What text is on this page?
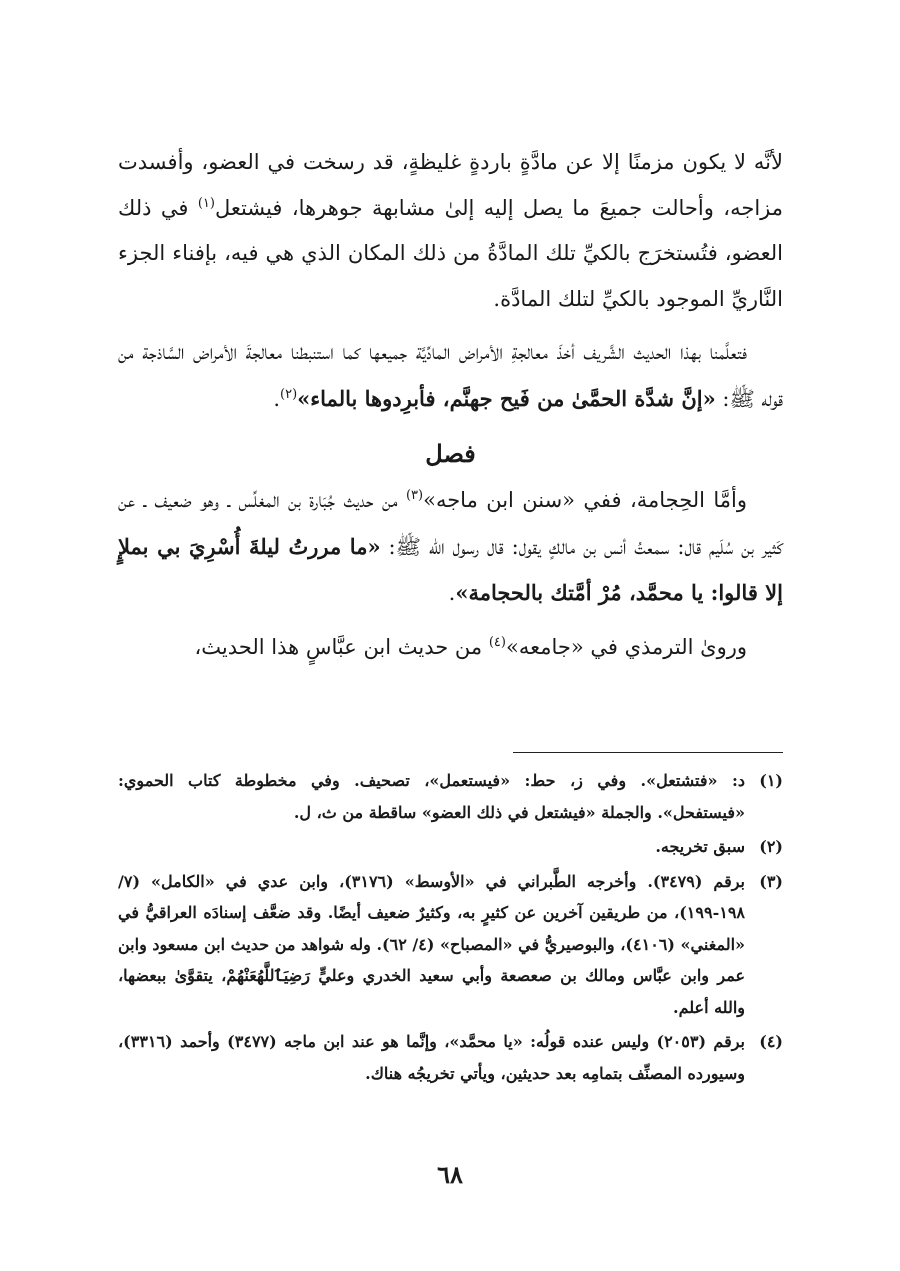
لأنَّه لا يكون مزمنًا إلا عن مادَّةٍ باردةٍ غليظةٍ، قد رسخت في العضو، وأفسدت مزاجه، وأحالت جميعَ ما يصل إليه إلىٰ مشابهة جوهرها، فيشتعل$^{(١)}$ في ذلك العضو، فتُستخرَج بالكيِّ تلك المادَّةُ من ذلك المكان الذي هي فيه، بإفناء الجزء النَّاريِّ الموجود بالكيِّ لتلك المادَّة.

فتعلَّمنا بهذا الحديث الشَّريف أخذَ معالجةِ الأمراض المادِّيَّة جميعها كما استنبطنا معالجةَ الأمراض السَّاذجة من قوله ﷺ: «إنَّ شدَّة الحمَّىٰ من فَيح جهنَّم، فأبرِدوها بالماء»$^{(٢)}$.

فصل

وأمَّا الحِجامة، ففي «سنن ابن ماجه»$^{(٣)}$ من حديث جُبَارة بن المغلِّس ـ وهو ضعيف ـ عن كَثير بن سُلَيم قال: سمعتُ أنس بن مالكٍ يقول: قال رسول الله ﷺ: «ما مررتُ ليلةَ أُسْرِيَ بي بملإٍ إلا قالوا: يا محمَّد، مُرْ أمَّتك بالحجامة».

وروىٰ الترمذي في «جامعه»$^{(٤)}$ من حديث ابن عبَّاسٍ هذا الحديث،

(١)
د: «فتشتعل». وفي ز، حط: «فيستعمل»، تصحيف. وفي مخطوطة كتاب الحموي: «فيستفحل». والجملة «فيشتعل في ذلك العضو» ساقطة من ث، ل.
(٢)
سبق تخريجه.
(٣)
برقم (٣٤٧٩). وأخرجه الطَّبراني في «الأوسط» (٣١٧٦)، وابن عدي في «الكامل» (٧/ ١٩٨-١٩٩)، من طريقين آخرين عن كثيرٍ به، وكثيرٌ ضعيف أيضًا. وقد ضعَّف إسنادَه العراقيُّ في «المغني» (٤١٠٦)، والبوصيريُّ في «المصباح» (٤/ ٦٢). وله شواهد من حديث ابن مسعود وابن عمر وابن عبَّاس ومالك بن صعصعة وأبي سعيد الخدري وعليٍّ رَضِيَٱللَّهُعَنْهُمْ، يتقوَّىٰ ببعضها، والله أعلم.
(٤)
برقم (٢٠٥٣) وليس عنده قولُه: «يا محمَّد»، وإنَّما هو عند ابن ماجه (٣٤٧٧) وأحمد (٣٣١٦)، وسيورده المصنِّف بتمامِه بعد حديثين، ويأتي تخريجُه هناك.
٦٨
